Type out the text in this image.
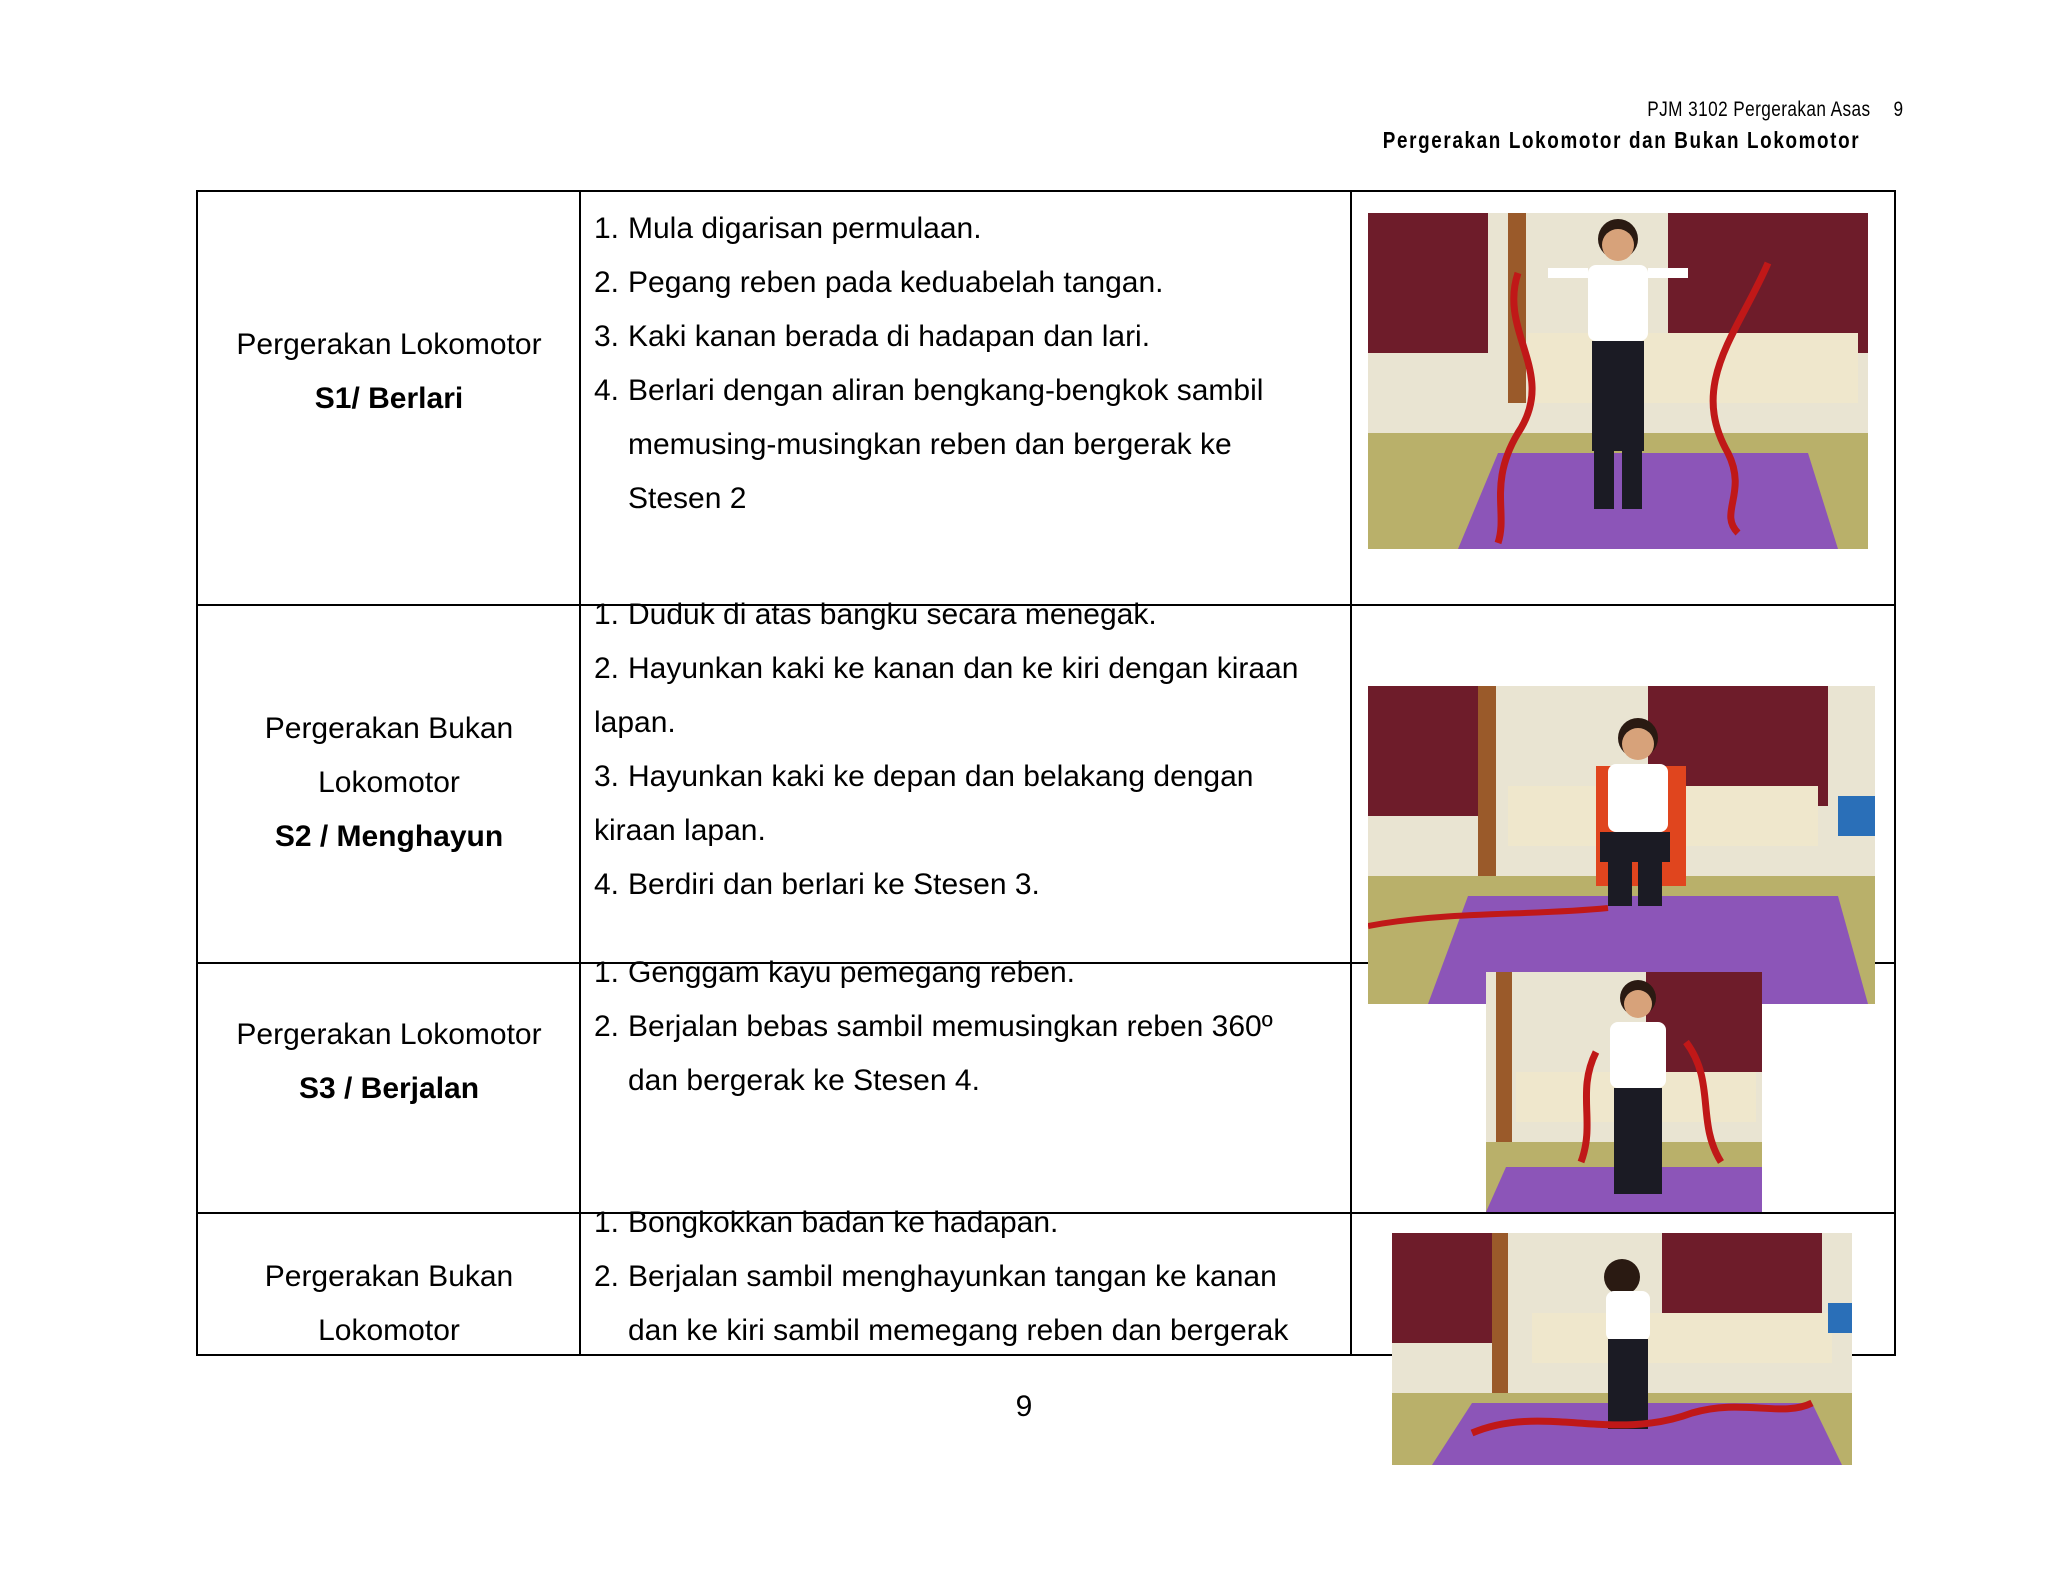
PJM 3102 Pergerakan Asas 9
Pergerakan Lokomotor dan Bukan Lokomotor
Pergerakan Lokomotor
S1/ Berlari
1. Mula digarisan permulaan.
2. Pegang reben pada keduabelah tangan.
3. Kaki kanan berada di hadapan dan lari.
4. Berlari dengan aliran bengkang-bengkok sambil
memusing-musingkan reben dan bergerak ke
Stesen 2
Pergerakan Bukan
Lokomotor
S2 / Menghayun
1. Duduk di atas bangku secara menegak.
2. Hayunkan kaki ke kanan dan ke kiri dengan kiraan
lapan.
3. Hayunkan kaki ke depan dan belakang dengan
kiraan lapan.
4. Berdiri dan berlari ke Stesen 3.
Pergerakan Lokomotor
S3 / Berjalan
1. Genggam kayu pemegang reben.
2. Berjalan bebas sambil memusingkan reben 360º
dan bergerak ke Stesen 4.
Pergerakan Bukan
Lokomotor
1. Bongkokkan badan ke hadapan.
2. Berjalan sambil menghayunkan tangan ke kanan
dan ke kiri sambil memegang reben dan bergerak
9
